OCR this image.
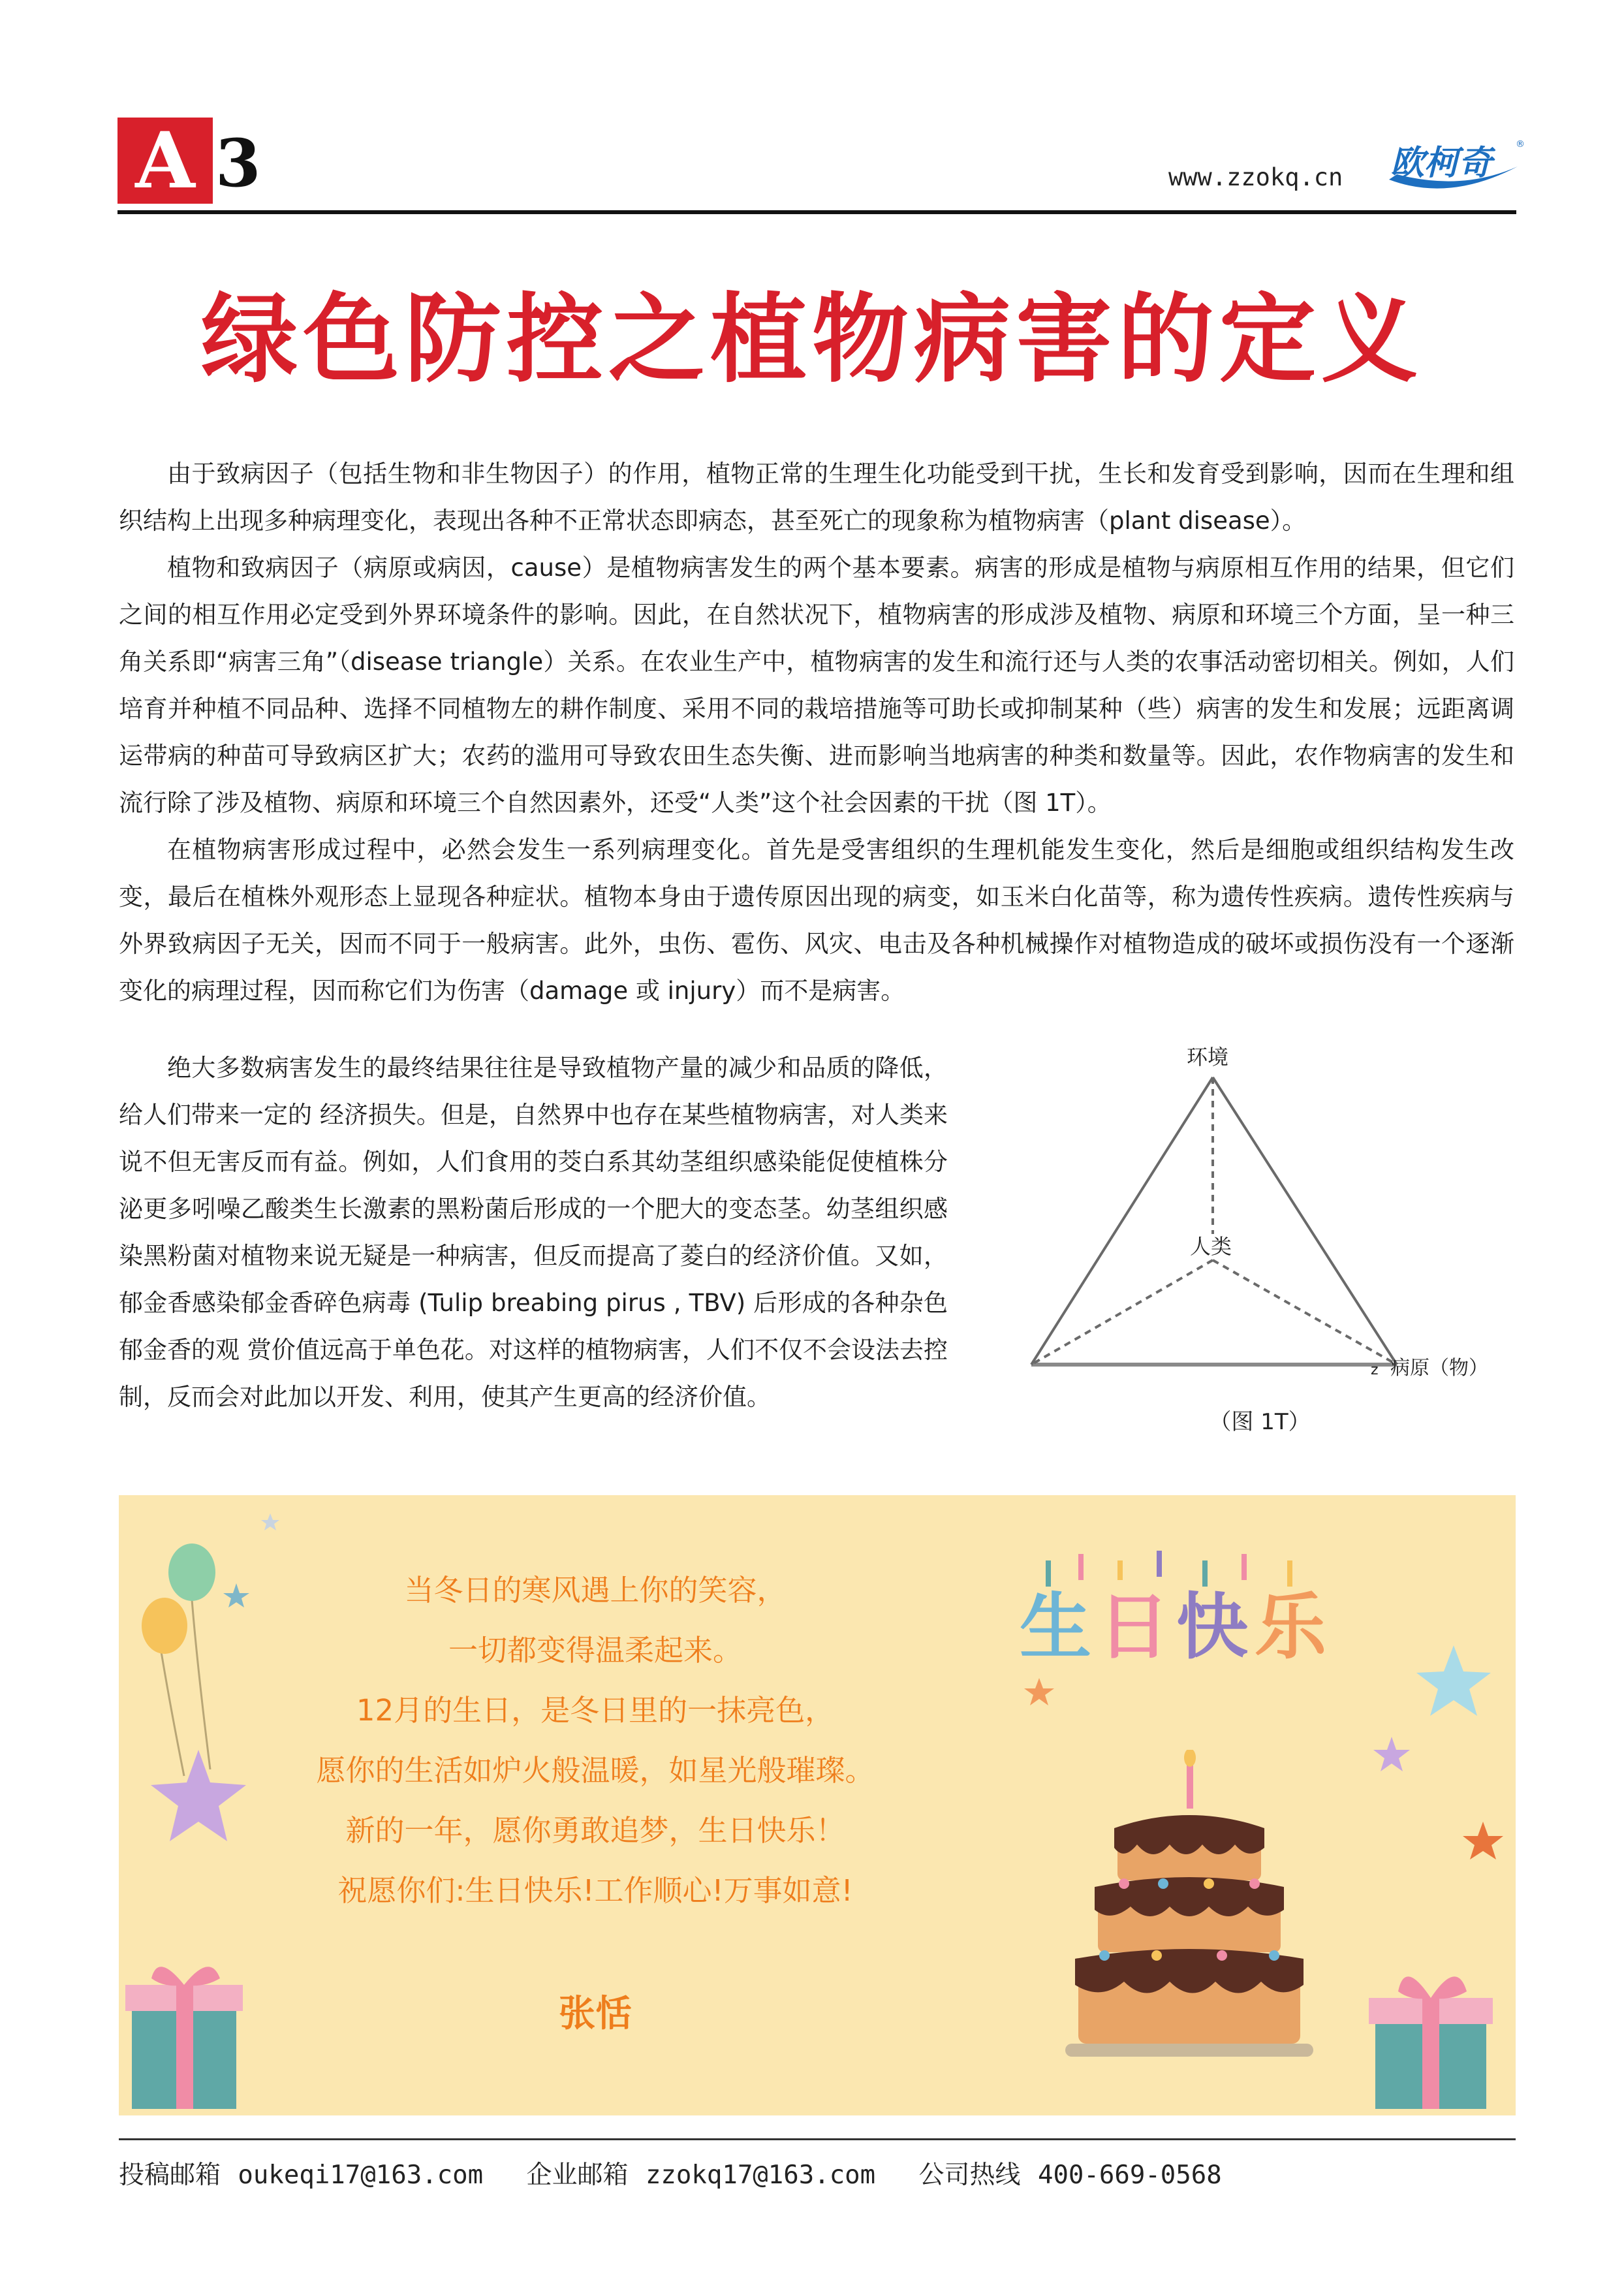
A 3	www.zzokq.cn 欧柯奇	®
绿色防控之植物病害的定义

由于致病因子（包括生物和非生物因子）的作用，植物正常的生理生化功能受到干扰，生长和发育受到影响，因而在生理和组织结构上出现多种病理变化，表现出各种不正常状态即病态，甚至死亡的现象称为植物病害（plant disease）。

植物和致病因子（病原或病因，cause）是植物病害发生的两个基本要素。病害的形成是植物与病原相互作用的结果，但它们之间的相互作用必定受到外界环境条件的影响。因此，在自然状况下，植物病害的形成涉及植物、病原和环境三个方面，呈一种三角关系即“病害三角”（disease triangle）关系。在农业生产中，植物病害的发生和流行还与人类的农事活动密切相关。例如，人们培育并种植不同品种、选择不同植物左的耕作制度、采用不同的栽培措施等可助长或抑制某种（些）病害的发生和发展；远距离调运带病的种苗可导致病区扩大；农药的滥用可导致农田生态失衡、进而影响当地病害的种类和数量等。因此，农作物病害的发生和流行除了涉及植物、病原和环境三个自然因素外，还受“人类”这个社会因素的干扰（图 1T）。

在植物病害形成过程中，必然会发生一系列病理变化。首先是受害组织的生理机能发生变化，然后是细胞或组织结构发生改变，最后在植株外观形态上显现各种症状。植物本身由于遗传原因出现的病变，如玉米白化苗等，称为遗传性疾病。遗传性疾病与外界致病因子无关，因而不同于一般病害。此外，虫伤、雹伤、风灾、电击及各种机械操作对植物造成的破坏或损伤没有一个逐渐变化的病理过程，因而称它们为伤害（damage 或 injury）而不是病害。

绝大多数病害发生的最终结果往往是导致植物产量的减少和品质的降低，给人们带来一定的 经济损失。但是，自然界中也存在某些植物病害，对人类来说不但无害反而有益。例如，人们食用的茭白系其幼茎组织感染能促使植株分泌更多吲噪乙酸类生长激素的黑粉菌后形成的一个肥大的变态茎。幼茎组织感染黑粉菌对植物来说无疑是一种病害，但反而提高了菱白的经济价值。又如，郁金香感染郁金香碎色病毒 (Tulip breabing pirus , TBV) 后形成的各种杂色郁金香的观 赏价值远高于单色花。对这样的植物病害，人们不仅不会设法去控制，反而会对此加以开发、利用，使其产生更高的经济价值。

环境
人类
z 病原（物）
（图 1T）
生 日 快 乐
当冬日的寒风遇上你的笑容，
一切都变得温柔起来。
12月的生日，是冬日里的一抹亮色，
愿你的生活如炉火般温暖，如星光般璀璨。
新的一年，愿你勇敢追梦，生日快乐！
祝愿你们:生日快乐!工作顺心!万事如意!
张恬
投稿邮箱 oukeqi17@163.com 企业邮箱 zzokq17@163.com 公司热线 400-669-0568
